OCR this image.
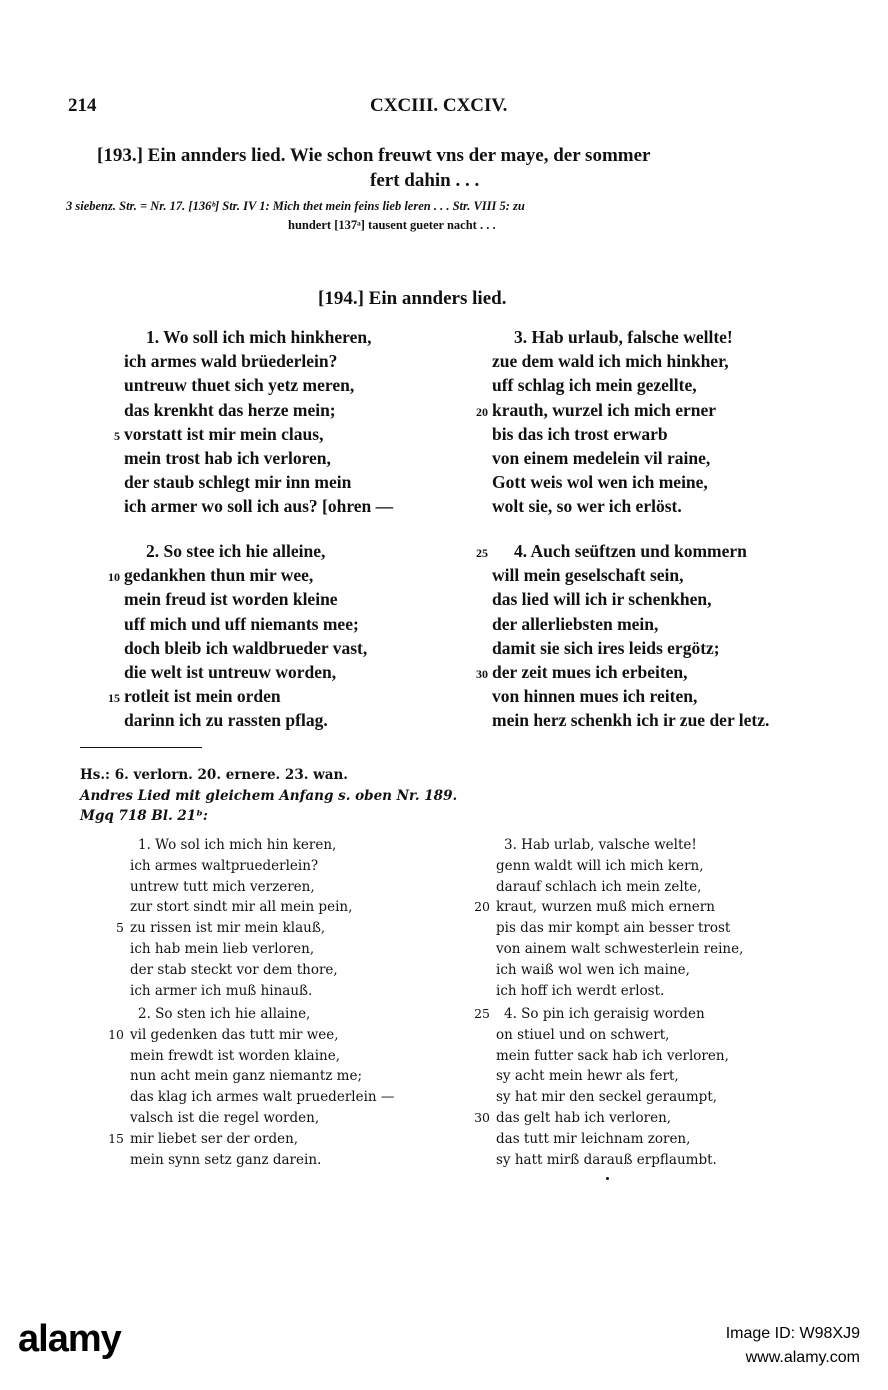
214	CXCIII. CXCIV.
[193.] Ein annders lied. Wie schon freuwt vns der maye, der sommer
fert dahin . . .
3 siebenz. Str. = Nr. 17. [136ᵇ] Str. IV 1: Mich thet mein feins lieb leren . . . Str. VIII 5: zu
hundert [137ᵃ] tausent gueter nacht . . .
[194.] Ein annders lied.
1. Wo soll ich mich hinkheren,
ich armes wald brüederlein?
untreuw thuet sich yetz meren,
das krenkht das herze mein;
5 vorstatt ist mir mein claus,
mein trost hab ich verloren,
der staub schlegt mir inn mein
ich armer wo soll ich aus? [ohren —
2. So stee ich hie alleine,
10 gedankhen thun mir wee,
mein freud ist worden kleine
uff mich und uff niemants mee;
doch bleib ich waldbrueder vast,
die welt ist untreuw worden,
15 rotleit ist mein orden
darinn ich zu rassten pflag.
3. Hab urlaub, falsche wellte!
zue dem wald ich mich hinkher,
uff schlag ich mein gezellte,
20 krauth, wurzel ich mich erner
bis das ich trost erwarb
von einem medelein vil raine,
Gott weis wol wen ich meine,
wolt sie, so wer ich erlöst.
25 4. Auch seüftzen und kommern
will mein geselschaft sein,
das lied will ich ir schenkhen,
der allerliebsten mein,
damit sie sich ires leids ergötz;
30 der zeit mues ich erbeiten,
von hinnen mues ich reiten,
mein herz schenkh ich ir zue der letz.
Hs.: 6. verlorn. 20. ernere. 23. wan.
Andres Lied mit gleichem Anfang s. oben Nr. 189.
Mgq 718 Bl. 21ᵇ:
1. Wo sol ich mich hin keren,
ich armes waltpruederlein?
untrew tutt mich verzeren,
zur stort sindt mir all mein pein,
5 zu rissen ist mir mein klauß,
ich hab mein lieb verloren,
der stab steckt vor dem thore,
ich armer ich muß hinauß.
2. So sten ich hie allaine,
10 vil gedenken das tutt mir wee,
mein frewdt ist worden klaine,
nun acht mein ganz niemantz me;
das klag ich armes walt pruederlein —
valsch ist die regel worden,
15 mir liebet ser der orden,
mein synn setz ganz darein.
3. Hab urlab, valsche welte!
genn waldt will ich mich kern,
darauf schlach ich mein zelte,
20 kraut, wurzen muß mich ernern
pis das mir kompt ain besser trost
von ainem walt schwesterlein reine,
ich waiß wol wen ich maine,
ich hoff ich werdt erlost.
25 4. So pin ich geraisig worden
on stiuel und on schwert,
mein futter sack hab ich verloren,
sy acht mein hewr als fert,
sy hat mir den seckel geraumpt,
30 das gelt hab ich verloren,
das tutt mir leichnam zoren,
sy hatt mirß darauß erpflaumbt.
alamy	Image ID: W98XJ9
www.alamy.com
